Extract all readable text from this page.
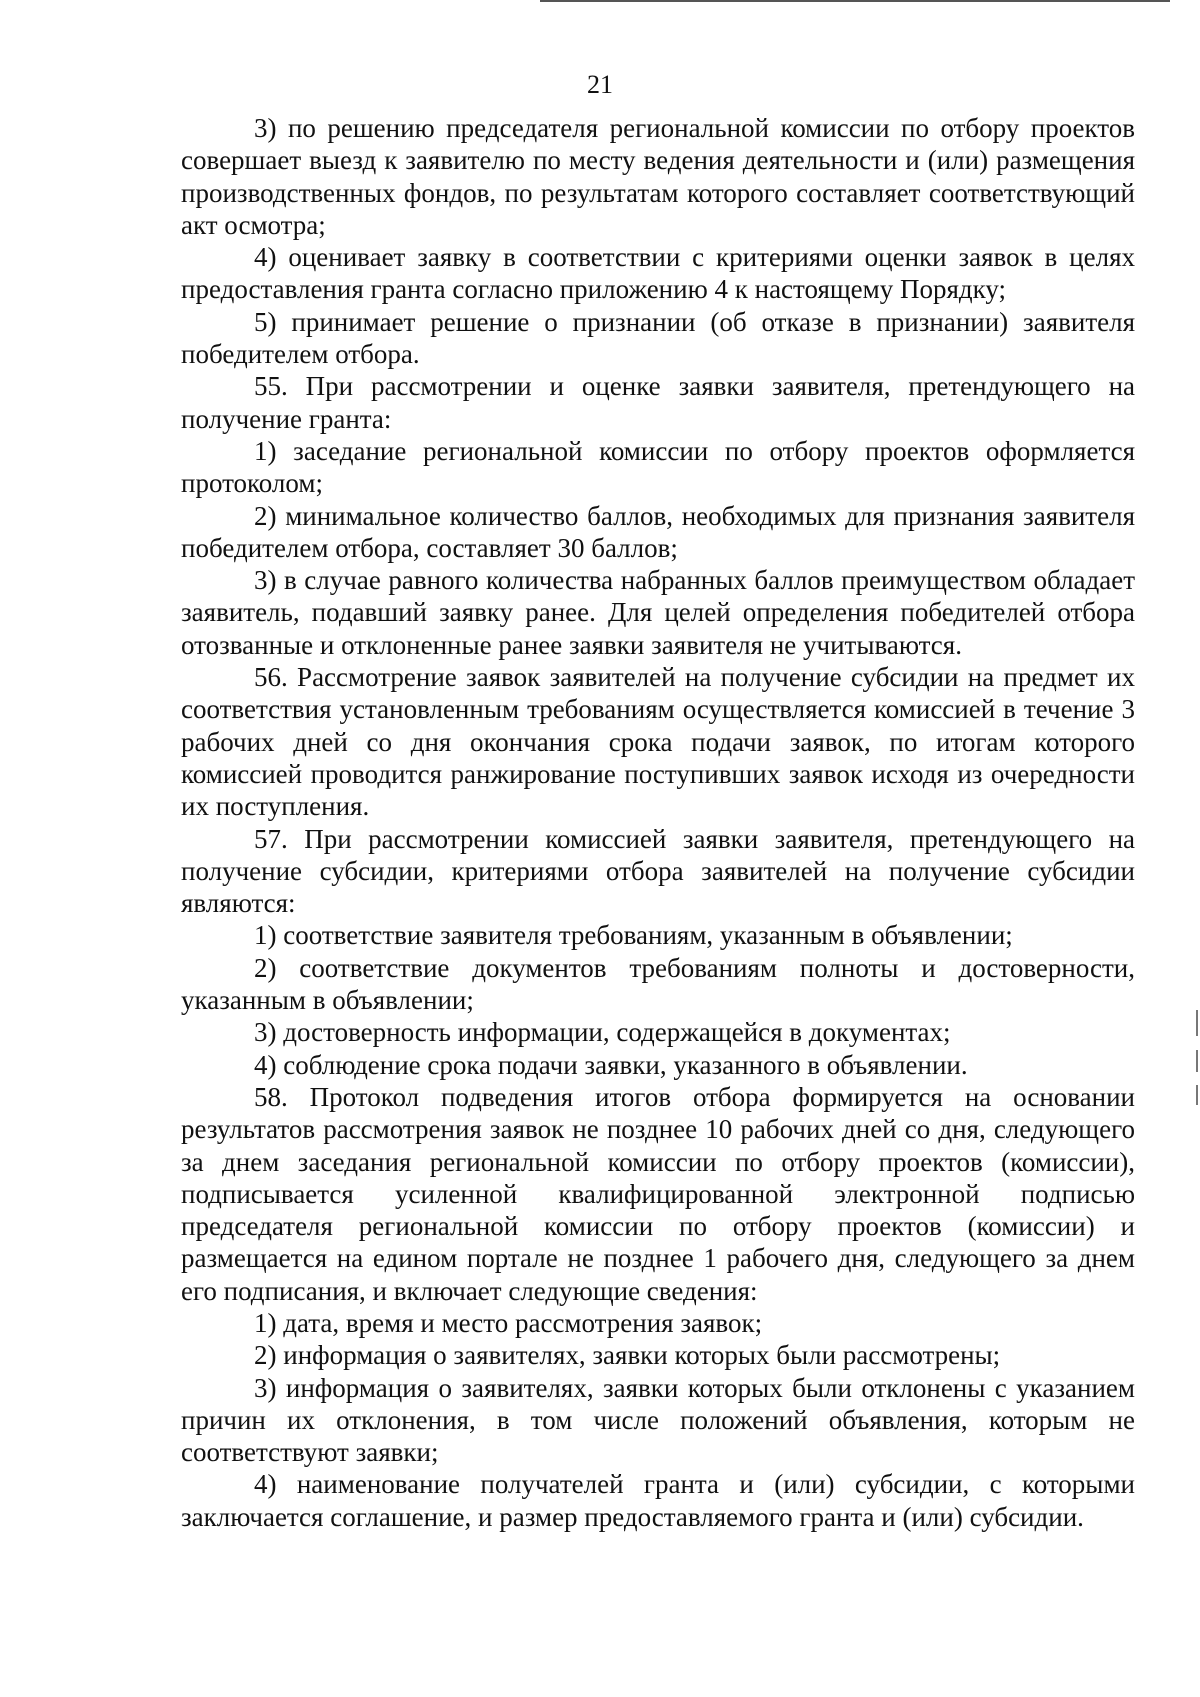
21

3) по решению председателя региональной комиссии по отбору проектов совершает выезд к заявителю по месту ведения деятельности и (или) размещения производственных фондов, по результатам которого составляет соответствующий акт осмотра;

4) оценивает заявку в соответствии с критериями оценки заявок в целях предоставления гранта согласно приложению 4 к настоящему Порядку;

5) принимает решение о признании (об отказе в признании) заявителя победителем отбора.

55. При рассмотрении и оценке заявки заявителя, претендующего на получение гранта:

1) заседание региональной комиссии по отбору проектов оформляется протоколом;

2) минимальное количество баллов, необходимых для признания заявителя победителем отбора, составляет 30 баллов;

3) в случае равного количества набранных баллов преимуществом обладает заявитель, подавший заявку ранее. Для целей определения победителей отбора отозванные и отклоненные ранее заявки заявителя не учитываются.

56. Рассмотрение заявок заявителей на получение субсидии на предмет их соответствия установленным требованиям осуществляется комиссией в течение 3 рабочих дней со дня окончания срока подачи заявок, по итогам которого комиссией проводится ранжирование поступивших заявок исходя из очередности их поступления.

57. При рассмотрении комиссией заявки заявителя, претендующего на получение субсидии, критериями отбора заявителей на получение субсидии являются:

1) соответствие заявителя требованиям, указанным в объявлении;

2) соответствие документов требованиям полноты и достоверности, указанным в объявлении;

3) достоверность информации, содержащейся в документах;

4) соблюдение срока подачи заявки, указанного в объявлении.

58. Протокол подведения итогов отбора формируется на основании результатов рассмотрения заявок не позднее 10 рабочих дней со дня, следующего за днем заседания региональной комиссии по отбору проектов (комиссии), подписывается усиленной квалифицированной электронной подписью председателя региональной комиссии по отбору проектов (комиссии) и размещается на едином портале не позднее 1 рабочего дня, следующего за днем его подписания, и включает следующие сведения:

1) дата, время и место рассмотрения заявок;

2) информация о заявителях, заявки которых были рассмотрены;

3) информация о заявителях, заявки которых были отклонены с указанием причин их отклонения, в том числе положений объявления, которым не соответствуют заявки;

4) наименование получателей гранта и (или) субсидии, с которыми заключается соглашение, и размер предоставляемого гранта и (или) субсидии.
